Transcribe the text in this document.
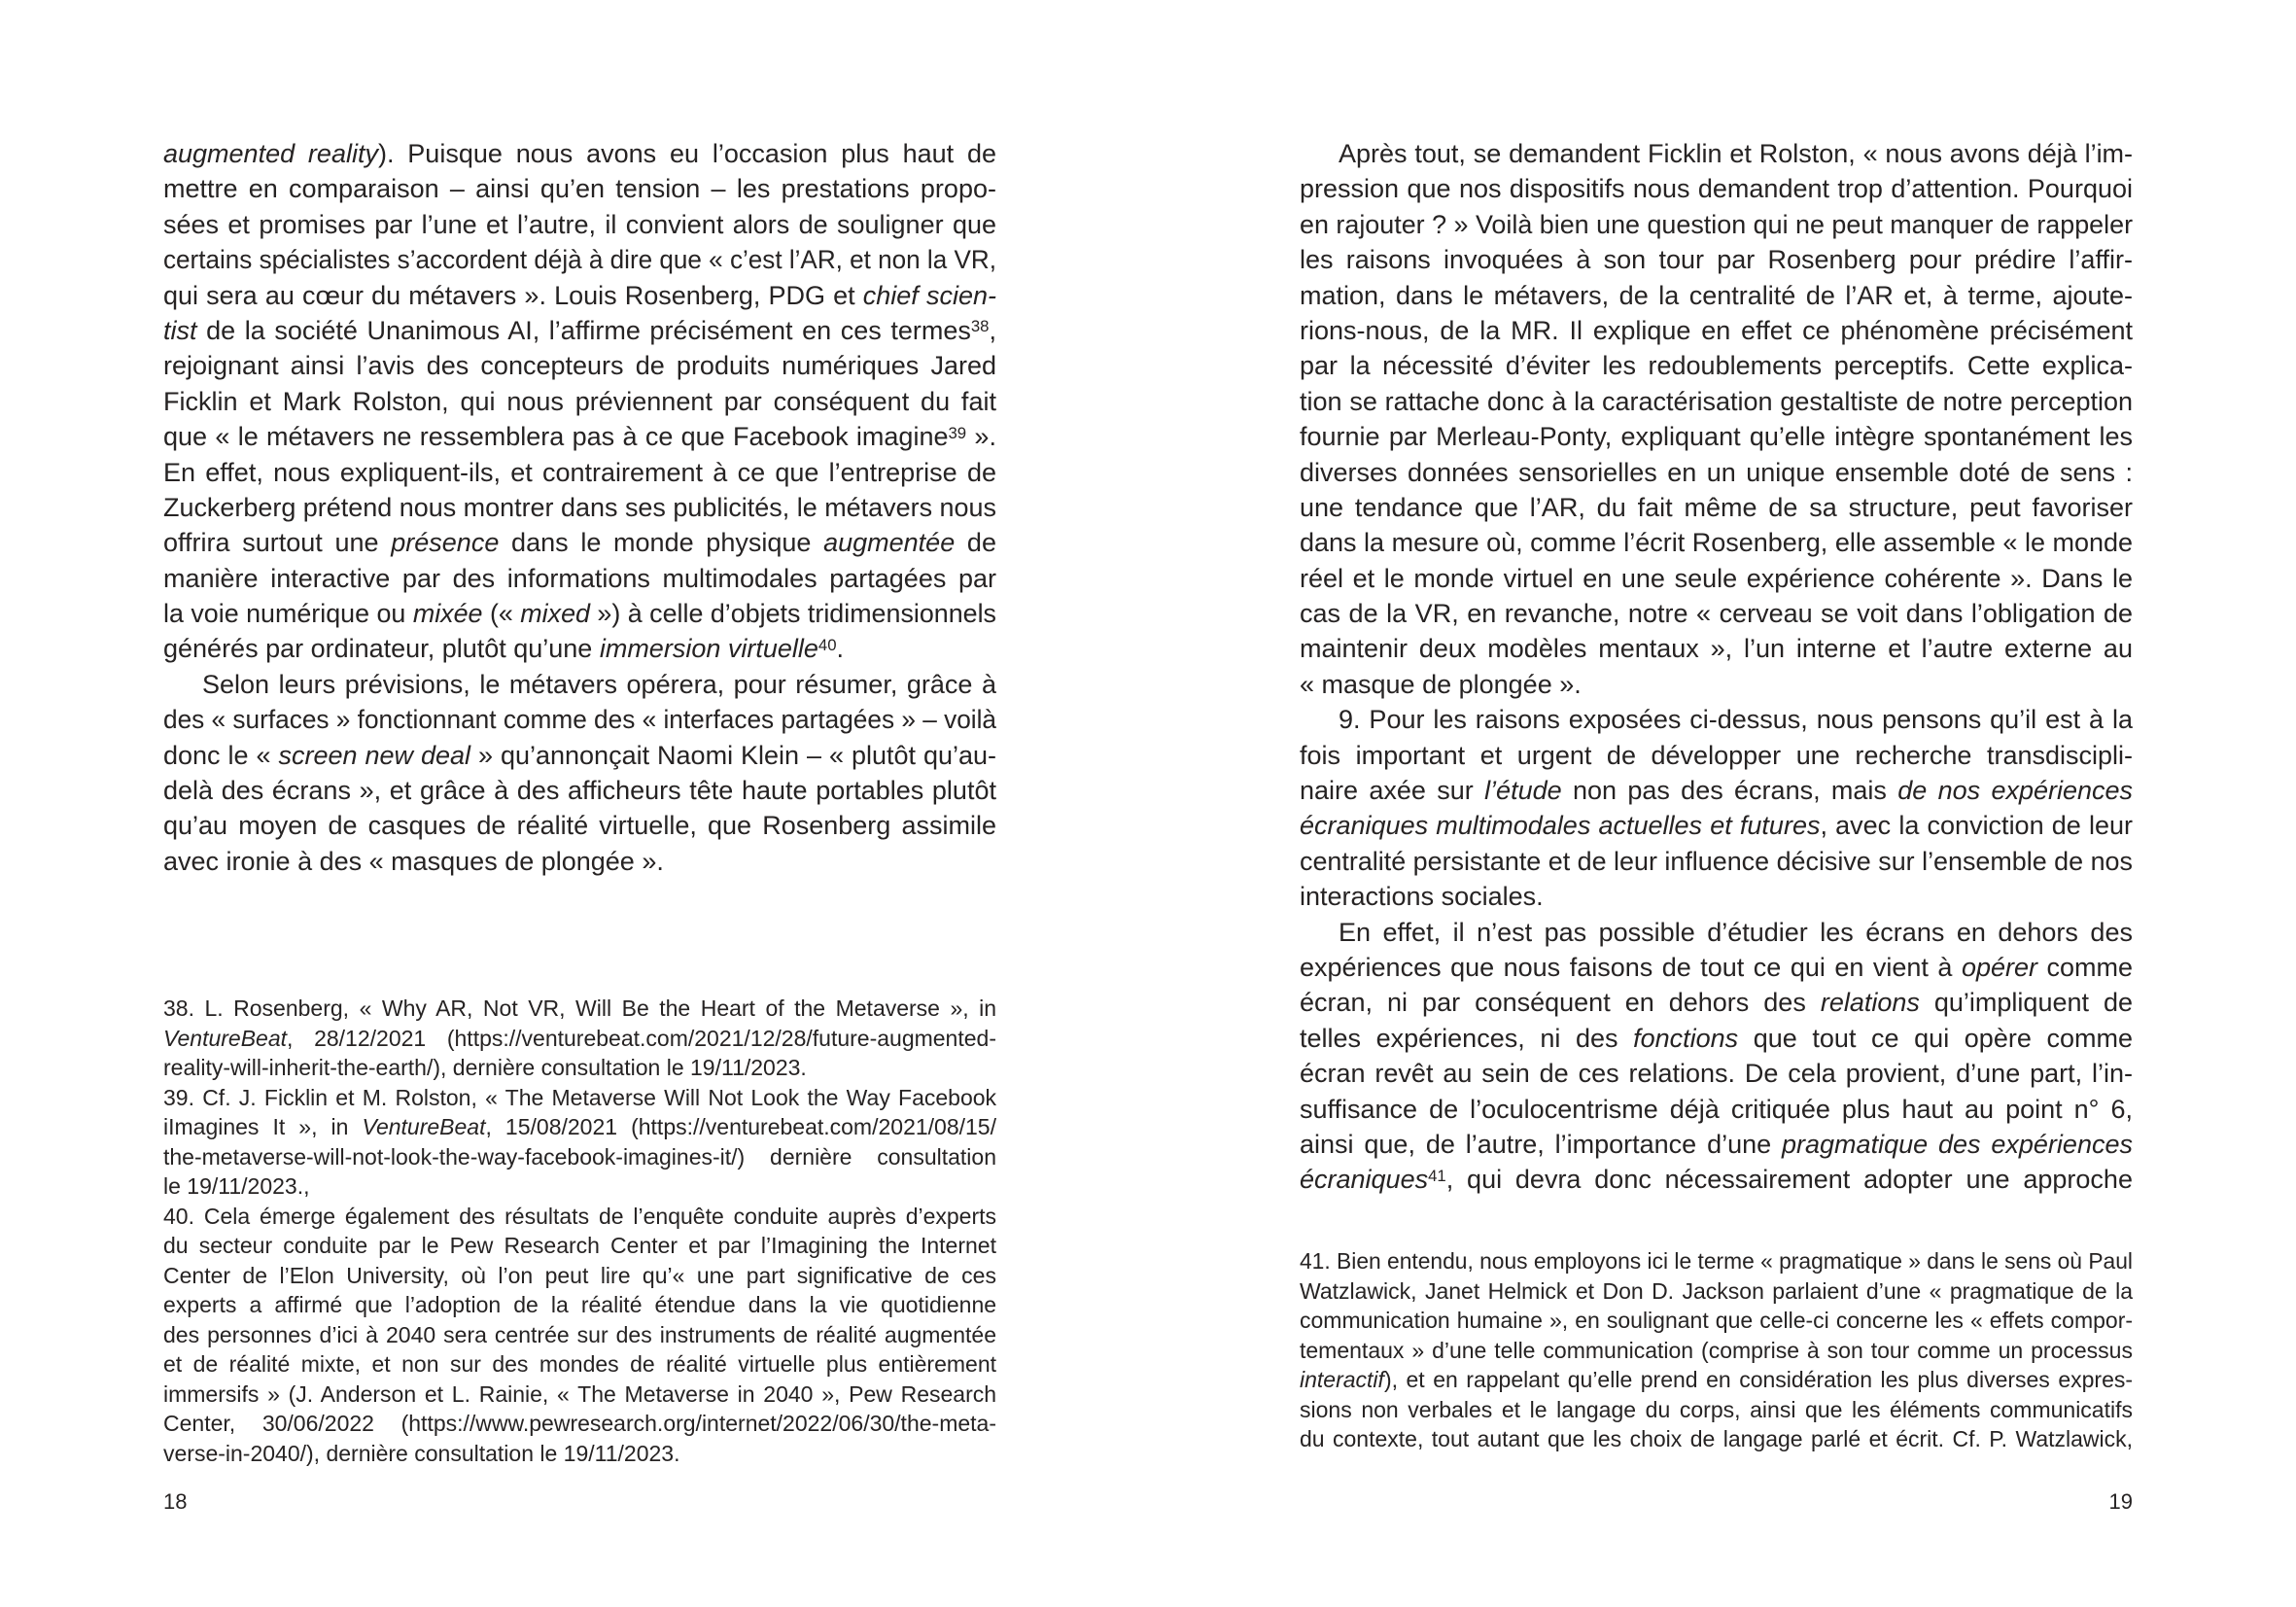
augmented reality). Puisque nous avons eu l’occasion plus haut de
mettre en comparaison – ainsi qu’en tension – les prestations propo-
sées et promises par l’une et l’autre, il convient alors de souligner que
certains spécialistes s’accordent déjà à dire que « c’est l’AR, et non la VR,
qui sera au cœur du métavers ». Louis Rosenberg, PDG et chief scien-
tist de la société Unanimous AI, l’affirme précisément en ces termes$^{38}$,
rejoignant ainsi l’avis des concepteurs de produits numériques Jared
Ficklin et Mark Rolston, qui nous préviennent par conséquent du fait
que « le métavers ne ressemblera pas à ce que Facebook imagine$^{39}$ ».
En effet, nous expliquent-ils, et contrairement à ce que l’entreprise de
Zuckerberg prétend nous montrer dans ses publicités, le métavers nous
offrira surtout une présence dans le monde physique augmentée de
manière interactive par des informations multimodales partagées par
la voie numérique ou mixée (« mixed ») à celle d’objets tridimensionnels
générés par ordinateur, plutôt qu’une immersion virtuelle$^{40}$.
Selon leurs prévisions, le métavers opérera, pour résumer, grâce à
des « surfaces » fonctionnant comme des « interfaces partagées » – voilà
donc le « screen new deal » qu’annonçait Naomi Klein – « plutôt qu’au-
delà des écrans », et grâce à des afficheurs tête haute portables plutôt
qu’au moyen de casques de réalité virtuelle, que Rosenberg assimile
avec ironie à des « masques de plongée ».
38. L. Rosenberg, « Why AR, Not VR, Will Be the Heart of the Metaverse », in
VentureBeat, 28/12/2021 (https://venturebeat.com/2021/12/28/future-augmented-
reality-will-inherit-the-earth/), dernière consultation le 19/11/2023.
39. Cf. J. Ficklin et M. Rolston, « The Metaverse Will Not Look the Way Facebook
iImagines It », in VentureBeat, 15/08/2021 (https://venturebeat.com/2021/08/15/
the-metaverse-will-not-look-the-way-facebook-imagines-it/) dernière consultation
le 19/11/2023.,
40. Cela émerge également des résultats de l’enquête conduite auprès d’experts
du secteur conduite par le Pew Research Center et par l’Imagining the Internet
Center de l’Elon University, où l’on peut lire qu’« une part significative de ces
experts a affirmé que l’adoption de la réalité étendue dans la vie quotidienne
des personnes d’ici à 2040 sera centrée sur des instruments de réalité augmentée
et de réalité mixte, et non sur des mondes de réalité virtuelle plus entièrement
immersifs » (J. Anderson et L. Rainie, « The Metaverse in 2040 », Pew Research
Center, 30/06/2022 (https://www.pewresearch.org/internet/2022/06/30/the-meta-
verse-in-2040/), dernière consultation le 19/11/2023.
18
Après tout, se demandent Ficklin et Rolston, « nous avons déjà l’im-
pression que nos dispositifs nous demandent trop d’attention. Pourquoi
en rajouter ? » Voilà bien une question qui ne peut manquer de rappeler
les raisons invoquées à son tour par Rosenberg pour prédire l’affir-
mation, dans le métavers, de la centralité de l’AR et, à terme, ajoute-
rions-nous, de la MR. Il explique en effet ce phénomène précisément
par la nécessité d’éviter les redoublements perceptifs. Cette explica-
tion se rattache donc à la caractérisation gestaltiste de notre perception
fournie par Merleau-Ponty, expliquant qu’elle intègre spontanément les
diverses données sensorielles en un unique ensemble doté de sens :
une tendance que l’AR, du fait même de sa structure, peut favoriser
dans la mesure où, comme l’écrit Rosenberg, elle assemble « le monde
réel et le monde virtuel en une seule expérience cohérente ». Dans le
cas de la VR, en revanche, notre « cerveau se voit dans l’obligation de
maintenir deux modèles mentaux », l’un interne et l’autre externe au
« masque de plongée ».
9. Pour les raisons exposées ci-dessus, nous pensons qu’il est à la
fois important et urgent de développer une recherche transdiscipli-
naire axée sur l’étude non pas des écrans, mais de nos expériences
écraniques multimodales actuelles et futures, avec la conviction de leur
centralité persistante et de leur influence décisive sur l’ensemble de nos
interactions sociales.
En effet, il n’est pas possible d’étudier les écrans en dehors des
expériences que nous faisons de tout ce qui en vient à opérer comme
écran, ni par conséquent en dehors des relations qu’impliquent de
telles expériences, ni des fonctions que tout ce qui opère comme
écran revêt au sein de ces relations. De cela provient, d’une part, l’in-
suffisance de l’oculocentrisme déjà critiquée plus haut au point n° 6,
ainsi que, de l’autre, l’importance d’une pragmatique des expériences
écraniques$^{41}$, qui devra donc nécessairement adopter une approche
41. Bien entendu, nous employons ici le terme « pragmatique » dans le sens où Paul
Watzlawick, Janet Helmick et Don D. Jackson parlaient d’une « pragmatique de la
communication humaine », en soulignant que celle-ci concerne les « effets compor-
tementaux » d’une telle communication (comprise à son tour comme un processus
interactif), et en rappelant qu’elle prend en considération les plus diverses expres-
sions non verbales et le langage du corps, ainsi que les éléments communicatifs
du contexte, tout autant que les choix de langage parlé et écrit. Cf. P. Watzlawick,
19
